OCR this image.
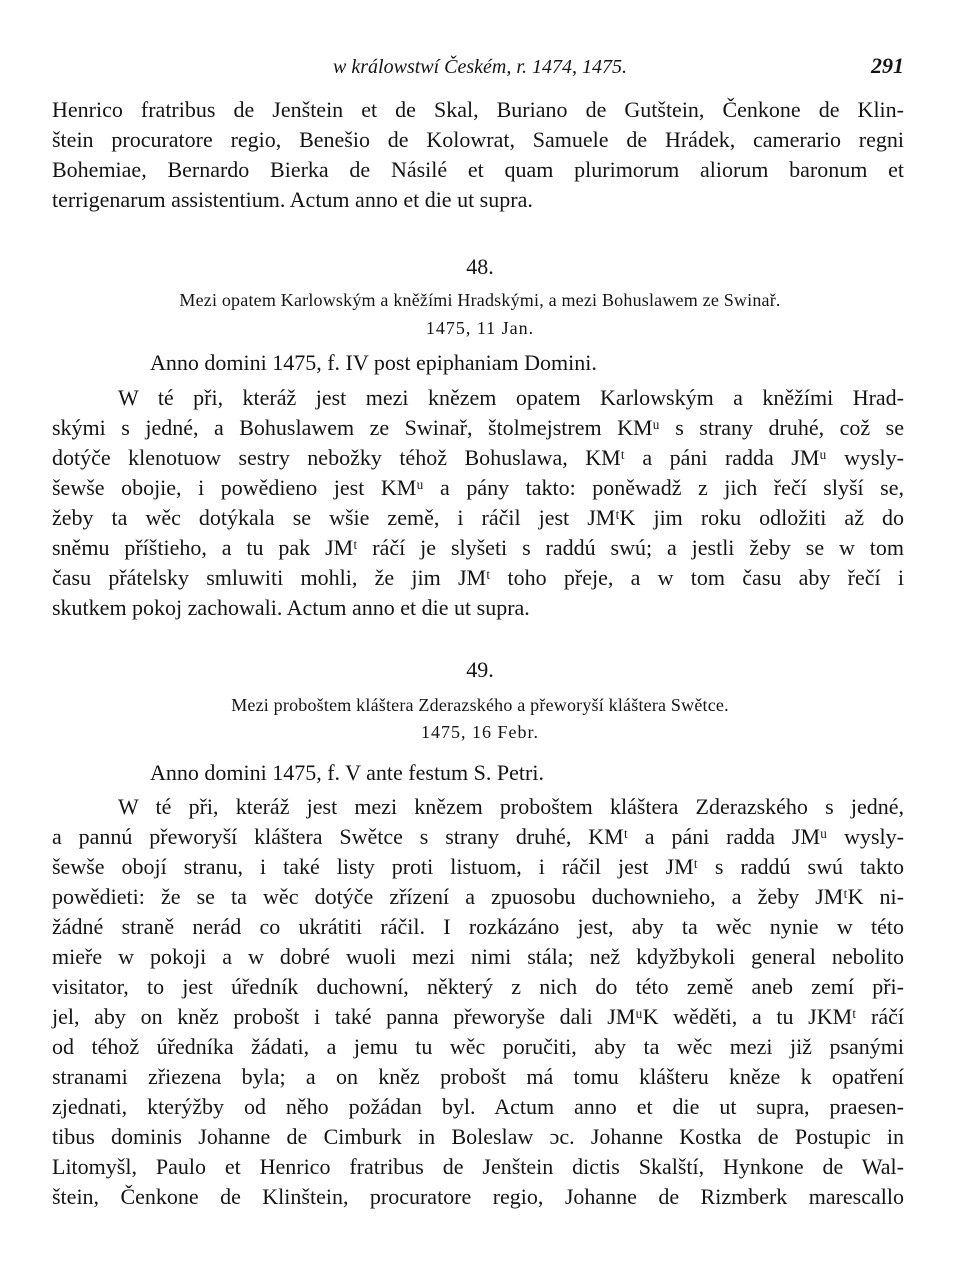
w králowstwí Českém, r. 1474, 1475.	291
Henrico fratribus de Jenštein et de Skal, Buriano de Gutštein, Čenkone de Klin-
štein procuratore regio, Benešio de Kolowrat, Samuele de Hrádek, camerario regni
Bohemiae, Bernardo Bierka de Násilé et quam plurimorum aliorum baronum et
terrigenarum assistentium. Actum anno et die ut supra.
48.
Mezi opatem Karlowským a kněžími Hradskými, a mezi Bohuslawem ze Swinař.
1475, 11 Jan.
Anno domini 1475, f. IV post epiphaniam Domini.
W té při, kteráž jest mezi knězem opatem Karlowským a kněžími Hrad-
skými s jedné, a Bohuslawem ze Swinař, štolmejstrem KMᵘ s strany druhé, což se
dotýče klenotuow sestry nebožky téhož Bohuslawa, KMᵗ a páni radda JMᵘ wysly-
šewše obojie, i powědieno jest KMᵘ a pány takto: poněwadž z jich řečí slyší se,
žeby ta wěc dotýkala se wšie země, i ráčil jest JMᵗK jim roku odložiti až do
sněmu příštieho, a tu pak JMᵗ ráčí je slyšeti s raddú swú; a jestli žeby se w tom
času přátelsky smluwiti mohli, že jim JMᵗ toho přeje, a w tom času aby řečí i
skutkem pokoj zachowali. Actum anno et die ut supra.
49.
Mezi proboštem kláštera Zderazského a přeworyší kláštera Swětce.
1475, 16 Febr.
Anno domini 1475, f. V ante festum S. Petri.
W té při, kteráž jest mezi knězem proboštem kláštera Zderazského s jedné,
a pannú přeworyší kláštera Swětce s strany druhé, KMᵗ a páni radda JMᵘ wysly-
šewše obojí stranu, i také listy proti listuom, i ráčil jest JMᵗ s raddú swú takto
powědieti: že se ta wěc dotýče zřízení a zpuosobu duchownieho, a žeby JMᵗK ni-
žádné straně nerád co ukrátiti ráčil. I rozkázáno jest, aby ta wěc nynie w této
mieře w pokoji a w dobré wuoli mezi nimi stála; než kdyžbykoli general nebolito
visitator, to jest úředník duchowní, některý z nich do této země aneb zemí při-
jel, aby on kněz probošt i také panna přeworyše dali JMᵘK wěděti, a tu JKMᵗ ráčí
od téhož úředníka žádati, a jemu tu wěc poručiti, aby ta wěc mezi již psanými
stranami zřiezena byla; a on kněz probošt má tomu klášteru kněze k opatření
zjednati, kterýžby od něho požádan byl. Actum anno et die ut supra, praesen-
tibus dominis Johanne de Cimburk in Boleslaw ɔc. Johanne Kostka de Postupic in
Litomyšl, Paulo et Henrico fratribus de Jenštein dictis Skalští, Hynkone de Wal-
štein, Čenkone de Klinštein, procuratore regio, Johanne de Rizmberk marescallo
